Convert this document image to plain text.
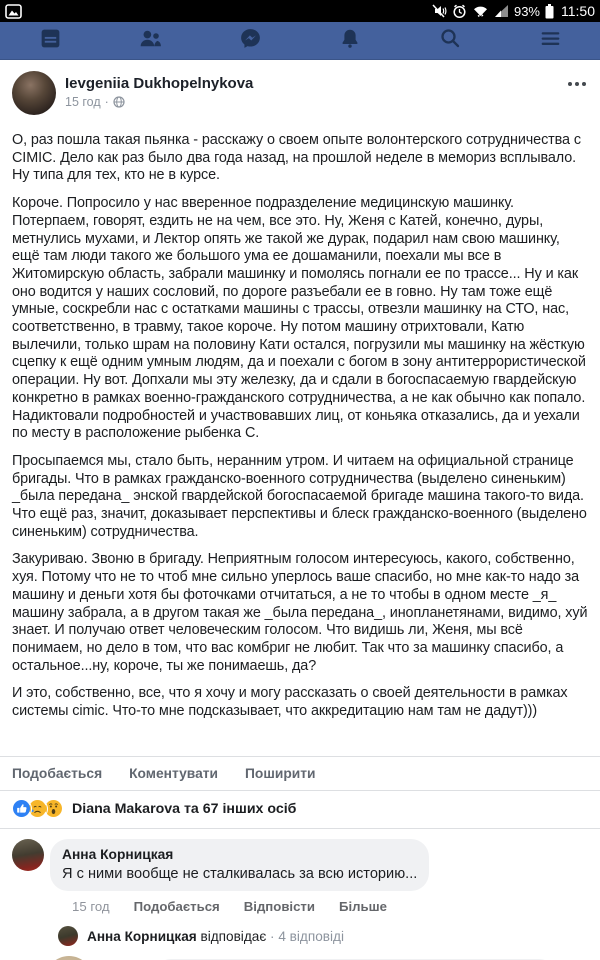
93% 11:50
Ievgeniia Dukhopelnykova
15 год ·

О, раз пошла такая пьянка - расскажу о своем опыте волонтерского сотрудничества с CIMIC. Дело как раз было два года назад, на прошлой неделе в мемориз всплывало. Ну типа для тех, кто не в курсе.

Короче. Попросило у нас вверенное подразделение медицинскую машинку. Потерпаем, говорят, ездить не на чем, все это. Ну, Женя с Катей, конечно, дуры, метнулись мухами, и Лектор опять же такой же дурак, подарил нам свою машинку, ещё там люди такого же большого ума ее дошаманили, поехали мы все в Житомирскую область, забрали машинку и помолясь погнали ее по трассе... Ну и как оно водится у наших сословий, по дороге разъебали ее в говно. Ну там тоже ещё умные, соскребли нас с остатками машины с трассы, отвезли машинку на СТО, нас, соответственно, в травму, такое короче. Ну потом машину отрихтовали, Катю вылечили, только шрам на половину Кати остался, погрузили мы машинку на жёсткую сцепку к ещё одним умным людям, да и поехали с богом в зону антитеррористической операции. Ну вот. Допхали мы эту железку, да и сдали в богоспасаемую гвардейскую конкретно в рамках военно-гражданского сотрудничества, а не как обычно как попало. Надиктовали подробностей и участвовавших лиц, от коньяка отказались, да и уехали по месту в расположение рыбенка С.

Просыпаемся мы, стало быть, неранним утром. И читаем на официальной странице бригады. Что в рамках гражданско-военного сотрудничества (выделено синеньким) _была передана_ энской гвардейской богоспасаемой бригаде машина такого-то вида. Что ещё раз, значит, доказывает перспективы и блеск гражданско-военного (выделено синеньким) сотрудничества.

Закуриваю. Звоню в бригаду. Неприятным голосом интересуюсь, какого, собственно, хуя. Потому что не то чтоб мне сильно уперлось ваше спасибо, но мне как-то надо за машину и деньги хотя бы фоточками отчитаться, а не то чтобы в одном месте _я_ машину забрала, а в другом такая же _была передана_, инопланетянами, видимо, хуй знает. И получаю ответ человеческим голосом. Что видишь ли, Женя, мы всё понимаем, но дело в том, что вас комбриг не любит. Так что за машинку спасибо, а остальное...ну, короче, ты же понимаешь, да?

И это, собственно, все, что я хочу и могу рассказать о своей деятельности в рамках системы cimic. Что-то мне подсказывает, что аккредитацию нам там не дадут)))

Подобається Коментувати Поширити
Diana Makarova та 67 інших осіб
Анна Корницкая
Я с ними вообще не сталкивалась за всю историю...
15 год Подобається Відповісти Більше
Анна Корницкая відповідає · 4 відповіді
